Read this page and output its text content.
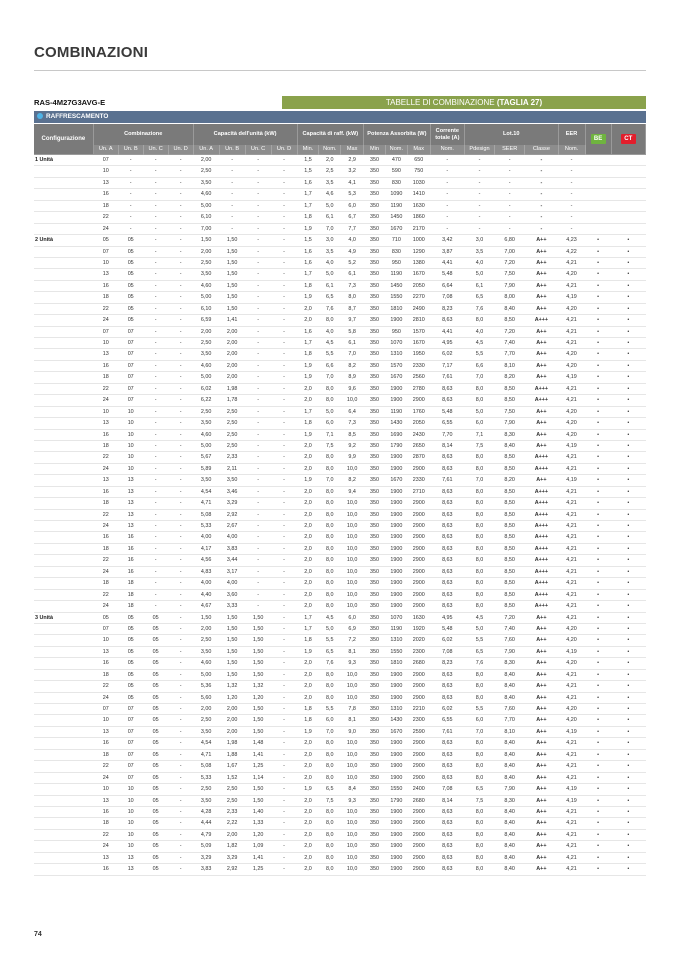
COMBINAZIONI
RAS-4M27G3AVG-E	TABELLE DI COMBINAZIONE (TAGLIA 27)
RAFFRESCAMENTO
Configurazione	Combinazione				Capacità dell'unità (kW)				Capacità di raff. (kW)			Potenza Assorbita (W)			Corrente totale (A)	Lot.10			EER	BE	CT
	Un. A	Un. B	Un. C	Un. D	Un. A	Un. B	Un. C	Un. D	Min.	Nom.	Max	Min	Nom.	Max	Nom.	Pdesign	SEER	Classe	Nom.		
1 Unità	07	-	-	-	2,00	-	-	-	1,5	2,0	2,9	350	470	650	-	-	-	-	-		
	10	-	-	-	2,50	-	-	-	1,5	2,5	3,2	350	590	750	-	-	-	-	-		
	13	-	-	-	3,50	-	-	-	1,6	3,5	4,1	350	830	1030	-	-	-	-	-		
	16	-	-	-	4,60	-	-	-	1,7	4,6	5,3	350	1090	1410	-	-	-	-	-		
	18	-	-	-	5,00	-	-	-	1,7	5,0	6,0	350	1190	1630	-	-	-	-	-		
	22	-	-	-	6,10	-	-	-	1,8	6,1	6,7	350	1450	1860	-	-	-	-	-		
	24	-	-	-	7,00	-	-	-	1,9	7,0	7,7	350	1670	2170	-	-	-	-	-		
2 Unità	05	05	-	-	1,50	1,50	-	-	1,5	3,0	4,0	350	710	1000	3,42	3,0	6,80	A++	4,23	•	•
	07	05	-	-	2,00	1,50	-	-	1,6	3,5	4,9	350	830	1290	3,87	3,5	7,00	A++	4,22	•	•
	10	05	-	-	2,50	1,50	-	-	1,6	4,0	5,2	350	950	1380	4,41	4,0	7,20	A++	4,21	•	•
	13	05	-	-	3,50	1,50	-	-	1,7	5,0	6,1	350	1190	1670	5,48	5,0	7,50	A++	4,20	•	•
	16	05	-	-	4,60	1,50	-	-	1,8	6,1	7,3	350	1450	2050	6,64	6,1	7,90	A++	4,21	•	•
	18	05	-	-	5,00	1,50	-	-	1,9	6,5	8,0	350	1550	2270	7,08	6,5	8,00	A++	4,19	•	•
	22	05	-	-	6,10	1,50	-	-	2,0	7,6	8,7	350	1810	2490	8,23	7,6	8,40	A++	4,20	•	•
	24	05	-	-	6,59	1,41	-	-	2,0	8,0	9,7	350	1900	2810	8,63	8,0	8,50	A+++	4,21	•	•
	07	07	-	-	2,00	2,00	-	-	1,6	4,0	5,8	350	950	1570	4,41	4,0	7,20	A++	4,21	•	•
	10	07	-	-	2,50	2,00	-	-	1,7	4,5	6,1	350	1070	1670	4,95	4,5	7,40	A++	4,21	•	•
	13	07	-	-	3,50	2,00	-	-	1,8	5,5	7,0	350	1310	1950	6,02	5,5	7,70	A++	4,20	•	•
	16	07	-	-	4,60	2,00	-	-	1,9	6,6	8,2	350	1570	2330	7,17	6,6	8,10	A++	4,20	•	•
	18	07	-	-	5,00	2,00	-	-	1,9	7,0	8,9	350	1670	2560	7,61	7,0	8,20	A++	4,19	•	•
	22	07	-	-	6,02	1,98	-	-	2,0	8,0	9,6	350	1900	2780	8,63	8,0	8,50	A+++	4,21	•	•
	24	07	-	-	6,22	1,78	-	-	2,0	8,0	10,0	350	1900	2900	8,63	8,0	8,50	A+++	4,21	•	•
	10	10	-	-	2,50	2,50	-	-	1,7	5,0	6,4	350	1190	1760	5,48	5,0	7,50	A++	4,20	•	•
	13	10	-	-	3,50	2,50	-	-	1,8	6,0	7,3	350	1430	2050	6,55	6,0	7,90	A++	4,20	•	•
	16	10	-	-	4,60	2,50	-	-	1,9	7,1	8,5	350	1690	2430	7,70	7,1	8,30	A++	4,20	•	•
	18	10	-	-	5,00	2,50	-	-	2,0	7,5	9,2	350	1790	2650	8,14	7,5	8,40	A++	4,19	•	•
	22	10	-	-	5,67	2,33	-	-	2,0	8,0	9,9	350	1900	2870	8,63	8,0	8,50	A+++	4,21	•	•
	24	10	-	-	5,89	2,11	-	-	2,0	8,0	10,0	350	1900	2900	8,63	8,0	8,50	A+++	4,21	•	•
	13	13	-	-	3,50	3,50	-	-	1,9	7,0	8,2	350	1670	2330	7,61	7,0	8,20	A++	4,19	•	•
	16	13	-	-	4,54	3,46	-	-	2,0	8,0	9,4	350	1900	2710	8,63	8,0	8,50	A+++	4,21	•	•
	18	13	-	-	4,71	3,29	-	-	2,0	8,0	10,0	350	1900	2900	8,63	8,0	8,50	A+++	4,21	•	•
	22	13	-	-	5,08	2,92	-	-	2,0	8,0	10,0	350	1900	2900	8,63	8,0	8,50	A+++	4,21	•	•
	24	13	-	-	5,33	2,67	-	-	2,0	8,0	10,0	350	1900	2900	8,63	8,0	8,50	A+++	4,21	•	•
	16	16	-	-	4,00	4,00	-	-	2,0	8,0	10,0	350	1900	2900	8,63	8,0	8,50	A+++	4,21	•	•
	18	16	-	-	4,17	3,83	-	-	2,0	8,0	10,0	350	1900	2900	8,63	8,0	8,50	A+++	4,21	•	•
	22	16	-	-	4,56	3,44	-	-	2,0	8,0	10,0	350	1900	2900	8,63	8,0	8,50	A+++	4,21	•	•
	24	16	-	-	4,83	3,17	-	-	2,0	8,0	10,0	350	1900	2900	8,63	8,0	8,50	A+++	4,21	•	•
	18	18	-	-	4,00	4,00	-	-	2,0	8,0	10,0	350	1900	2900	8,63	8,0	8,50	A+++	4,21	•	•
	22	18	-	-	4,40	3,60	-	-	2,0	8,0	10,0	350	1900	2900	8,63	8,0	8,50	A+++	4,21	•	•
	24	18	-	-	4,67	3,33	-	-	2,0	8,0	10,0	350	1900	2900	8,63	8,0	8,50	A+++	4,21	•	•
3 Unità	05	05	05	-	1,50	1,50	1,50	-	1,7	4,5	6,0	350	1070	1630	4,95	4,5	7,20	A++	4,21	•	•
	07	05	05	-	2,00	1,50	1,50	-	1,7	5,0	6,9	350	1190	1920	5,48	5,0	7,40	A++	4,20	•	•
	10	05	05	-	2,50	1,50	1,50	-	1,8	5,5	7,2	350	1310	2020	6,02	5,5	7,60	A++	4,20	•	•
	13	05	05	-	3,50	1,50	1,50	-	1,9	6,5	8,1	350	1550	2300	7,08	6,5	7,90	A++	4,19	•	•
	16	05	05	-	4,60	1,50	1,50	-	2,0	7,6	9,3	350	1810	2680	8,23	7,6	8,30	A++	4,20	•	•
	18	05	05	-	5,00	1,50	1,50	-	2,0	8,0	10,0	350	1900	2900	8,63	8,0	8,40	A++	4,21	•	•
	22	05	05	-	5,36	1,32	1,32	-	2,0	8,0	10,0	350	1900	2900	8,63	8,0	8,40	A++	4,21	•	•
	24	05	05	-	5,60	1,20	1,20	-	2,0	8,0	10,0	350	1900	2900	8,63	8,0	8,40	A++	4,21	•	•
	07	07	05	-	2,00	2,00	1,50	-	1,8	5,5	7,8	350	1310	2210	6,02	5,5	7,60	A++	4,20	•	•
	10	07	05	-	2,50	2,00	1,50	-	1,8	6,0	8,1	350	1430	2300	6,55	6,0	7,70	A++	4,20	•	•
	13	07	05	-	3,50	2,00	1,50	-	1,9	7,0	9,0	350	1670	2590	7,61	7,0	8,10	A++	4,19	•	•
	16	07	05	-	4,54	1,98	1,48	-	2,0	8,0	10,0	350	1900	2900	8,63	8,0	8,40	A++	4,21	•	•
	18	07	05	-	4,71	1,88	1,41	-	2,0	8,0	10,0	350	1900	2900	8,63	8,0	8,40	A++	4,21	•	•
	22	07	05	-	5,08	1,67	1,25	-	2,0	8,0	10,0	350	1900	2900	8,63	8,0	8,40	A++	4,21	•	•
	24	07	05	-	5,33	1,52	1,14	-	2,0	8,0	10,0	350	1900	2900	8,63	8,0	8,40	A++	4,21	•	•
	10	10	05	-	2,50	2,50	1,50	-	1,9	6,5	8,4	350	1550	2400	7,08	6,5	7,90	A++	4,19	•	•
	13	10	05	-	3,50	2,50	1,50	-	2,0	7,5	9,3	350	1790	2680	8,14	7,5	8,30	A++	4,19	•	•
	16	10	05	-	4,28	2,33	1,40	-	2,0	8,0	10,0	350	1900	2900	8,63	8,0	8,40	A++	4,21	•	•
	18	10	05	-	4,44	2,22	1,33	-	2,0	8,0	10,0	350	1900	2900	8,63	8,0	8,40	A++	4,21	•	•
	22	10	05	-	4,79	2,00	1,20	-	2,0	8,0	10,0	350	1900	2900	8,63	8,0	8,40	A++	4,21	•	•
	24	10	05	-	5,09	1,82	1,09	-	2,0	8,0	10,0	350	1900	2900	8,63	8,0	8,40	A++	4,21	•	•
	13	13	05	-	3,29	3,29	1,41	-	2,0	8,0	10,0	350	1900	2900	8,63	8,0	8,40	A++	4,21	•	•
	16	13	05	-	3,83	2,92	1,25	-	2,0	8,0	10,0	350	1900	2900	8,63	8,0	8,40	A++	4,21	•	•
74
